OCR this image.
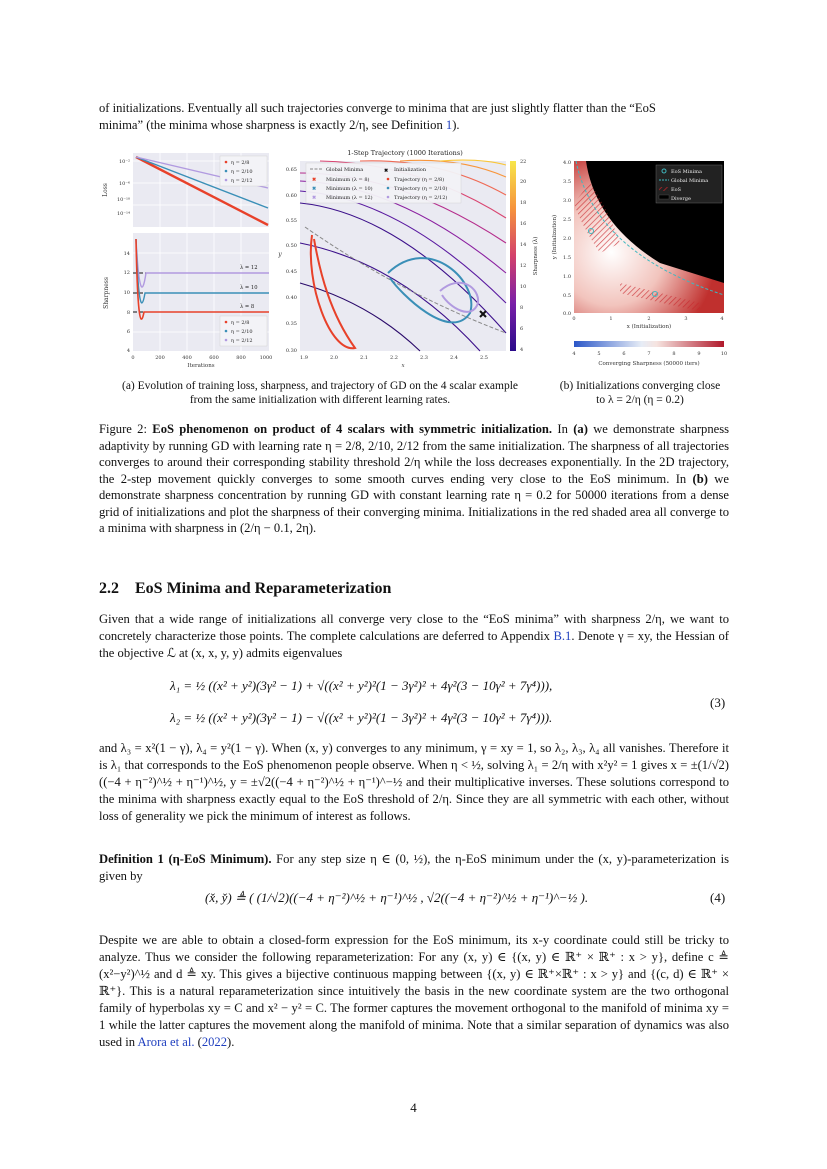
of initializations. Eventually all such trajectories converge to minima that are just slightly flatter than the “EoS
minima” (the minima whose sharpness is exactly 2/η, see Definition 1).

10⁻²
10⁻⁶
10⁻¹⁰
10⁻¹⁴
Loss
η = 2/8
η = 2/10
η = 2/12
λ = 12
λ = 10
λ = 8
14
12
10
8
6
4
0	200	400	600	800	1000
Iterations
Sharpness
η = 2/8
η = 2/10
η = 2/12
1-Step Trajectory (1000 Iterations)
0.65
0.60
0.55
0.50
0.45
0.40
0.35
0.30
1.9	2.0	2.1	2.2	2.3	2.4	2.5
x
y
Global Minima
✖ Minimum (λ = 8)
✖ Minimum (λ = 10)
✖ Minimum (λ = 12)
✖ Initialization
Trajectory (η = 2/8)
Trajectory (η = 2/10)
Trajectory (η = 2/12)
22
20
18
16
14
12
10
8
6
4
Sharpness (λ)
EoS Minima
Global Minima
EoS
Diverge
4.0
3.5
3.0
2.5
2.0
1.5
1.0
0.5
0.0
0	1	2	3	4
x (Initialization)
y (Initialization)
4	5	6	7	8	9	10
Converging Sharpness (50000 iters)
(a) Evolution of training loss, sharpness, and trajectory of GD on the 4 scalar example
from the same initialization with different learning rates.
(b) Initializations converging close
to λ = 2/η (η = 0.2)
Figure 2: EoS phenomenon on product of 4 scalars with symmetric initialization. In (a) we demonstrate sharpness adaptivity by running GD with learning rate η = 2/8, 2/10, 2/12 from the same initialization. The sharpness of all trajectories converges to around their corresponding stability threshold 2/η while the loss decreases exponentially. In the 2D trajectory, the 2-step movement quickly converges to some smooth curves ending very close to the EoS minimum. In (b) we demonstrate sharpness concentration by running GD with constant learning rate η = 0.2 for 50000 iterations from a dense grid of initializations and plot the sharpness of their converging minima. Initializations in the red shaded area all converge to a minima with sharpness in (2/η − 0.1, 2η).
2.2 EoS Minima and Reparameterization

Given that a wide range of initializations all converge very close to the “EoS minima” with sharpness 2/η, we want to concretely characterize those points. The complete calculations are deferred to Appendix B.1. Denote γ = xy, the Hessian of the objective ℒ at (x, x, y, y) admits eigenvalues

λ₁ = ½ ((x² + y²)(3γ² − 1) + √((x² + y²)²(1 − 3γ²)² + 4γ²(3 − 10γ² + 7γ⁴))),
λ₂ = ½ ((x² + y²)(3γ² − 1) − √((x² + y²)²(1 − 3γ²)² + 4γ²(3 − 10γ² + 7γ⁴))).
(3)

and λ₃ = x²(1 − γ), λ₄ = y²(1 − γ). When (x, y) converges to any minimum, γ = xy = 1, so λ₂, λ₃, λ₄ all vanishes. Therefore it is λ₁ that corresponds to the EoS phenomenon people observe. When η < ½, solving λ₁ = 2/η with x²y² = 1 gives x = ±(1/√2)((−4 + η⁻²)^½ + η⁻¹)^½, y = ±√2((−4 + η⁻²)^½ + η⁻¹)^−½ and their multiplicative inverses. These solutions correspond to the minima with sharpness exactly equal to the EoS threshold of 2/η. Since they are all symmetric with each other, without loss of generality we pick the minimum of interest as follows.

Definition 1 (η-EoS Minimum). For any step size η ∈ (0, ½), the η-EoS minimum under the (x, y)-parameterization is given by

(x̌, y̌) ≜ ( (1/√2)((−4 + η⁻²)^½ + η⁻¹)^½ , √2((−4 + η⁻²)^½ + η⁻¹)^−½ ).	(4)

Despite we are able to obtain a closed-form expression for the EoS minimum, its x-y coordinate could still be tricky to analyze. Thus we consider the following reparameterization: For any (x, y) ∈ {(x, y) ∈ ℝ⁺ × ℝ⁺ : x > y}, define c ≜ (x²−y²)^½ and d ≜ xy. This gives a bijective continuous mapping between {(x, y) ∈ ℝ⁺×ℝ⁺ : x > y} and {(c, d) ∈ ℝ⁺ × ℝ⁺}. This is a natural reparameterization since intuitively the basis in the new coordinate system are the two orthogonal family of hyperbolas xy = C and x² − y² = C. The former captures the movement orthogonal to the manifold of minima xy = 1 while the latter captures the movement along the manifold of minima. Note that a similar separation of dynamics was also used in Arora et al. (2022).

4
